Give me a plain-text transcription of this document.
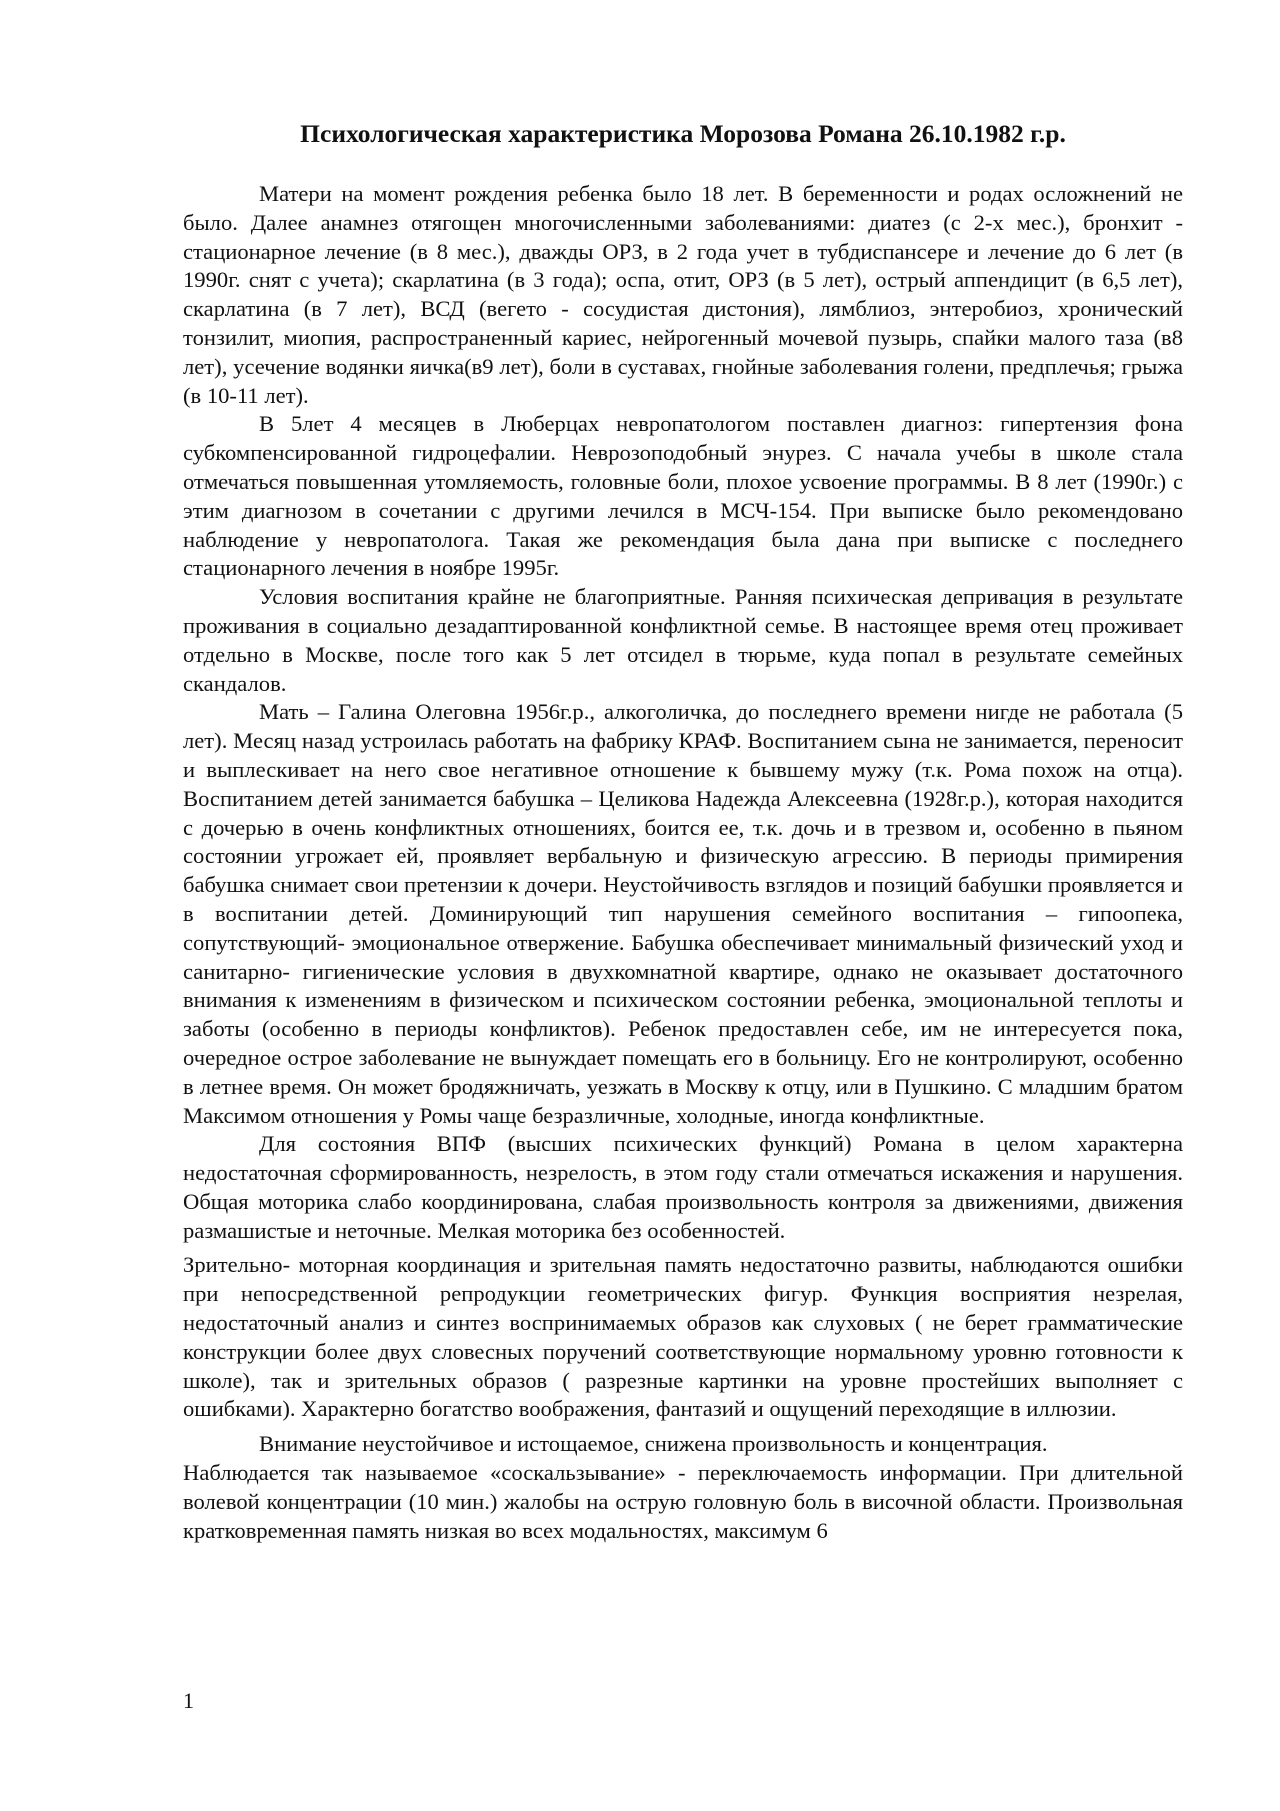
Психологическая характеристика Морозова Романа 26.10.1982 г.р.

Матери на момент рождения ребенка было 18 лет. В беременности и родах осложнений не было. Далее анамнез отягощен многочисленными заболеваниями: диатез (с 2-х мес.), бронхит - стационарное лечение (в 8 мес.), дважды ОРЗ, в 2 года учет в тубдиспансере и лечение до 6 лет (в 1990г. снят с учета); скарлатина (в 3 года); оспа, отит, ОРЗ (в 5 лет), острый аппендицит (в 6,5 лет), скарлатина (в 7 лет), ВСД (вегето - сосудистая дистония), лямблиоз, энтеробиоз, хронический тонзилит, миопия, распространенный кариес, нейрогенный мочевой пузырь, спайки малого таза (в8 лет), усечение водянки яичка(в9 лет), боли в суставах, гнойные заболевания голени, предплечья; грыжа (в 10-11 лет).

В 5лет 4 месяцев в Люберцах невропатологом поставлен диагноз: гипертензия фона субкомпенсированной гидроцефалии. Неврозоподобный энурез. С начала учебы в школе стала отмечаться повышенная утомляемость, головные боли, плохое усвоение программы. В 8 лет (1990г.) с этим диагнозом в сочетании с другими лечился в МСЧ-154. При выписке было рекомендовано наблюдение у невропатолога. Такая же рекомендация была дана при выписке с последнего стационарного лечения в ноябре 1995г.

Условия воспитания крайне не благоприятные. Ранняя психическая депривация в результате проживания в социально дезадаптированной конфликтной семье. В настоящее время отец проживает отдельно в Москве, после того как 5 лет отсидел в тюрьме, куда попал в результате семейных скандалов.

Мать – Галина Олеговна 1956г.р., алкоголичка, до последнего времени нигде не работала (5 лет). Месяц назад устроилась работать на фабрику КРАФ. Воспитанием сына не занимается, переносит и выплескивает на него свое негативное отношение к бывшему мужу (т.к. Рома похож на отца). Воспитанием детей занимается бабушка – Целикова Надежда Алексеевна (1928г.р.), которая находится с дочерью в очень конфликтных отношениях, боится ее, т.к. дочь и в трезвом и, особенно в пьяном состоянии угрожает ей, проявляет вербальную и физическую агрессию. В периоды примирения бабушка снимает свои претензии к дочери. Неустойчивость взглядов и позиций бабушки проявляется и в воспитании детей. Доминирующий тип нарушения семейного воспитания – гипоопека, сопутствующий- эмоциональное отвержение. Бабушка обеспечивает минимальный физический уход и санитарно- гигиенические условия в двухкомнатной квартире, однако не оказывает достаточного внимания к изменениям в физическом и психическом состоянии ребенка, эмоциональной теплоты и заботы (особенно в периоды конфликтов). Ребенок предоставлен себе, им не интересуется пока, очередное острое заболевание не вынуждает помещать его в больницу. Его не контролируют, особенно в летнее время. Он может бродяжничать, уезжать в Москву к отцу, или в Пушкино. С младшим братом Максимом отношения у Ромы чаще безразличные, холодные, иногда конфликтные.

Для состояния ВПФ (высших психических функций) Романа в целом характерна недостаточная сформированность, незрелость, в этом году стали отмечаться искажения и нарушения. Общая моторика слабо координирована, слабая произвольность контроля за движениями, движения размашистые и неточные. Мелкая моторика без особенностей.

Зрительно- моторная координация и зрительная память недостаточно развиты, наблюдаются ошибки при непосредственной репродукции геометрических фигур. Функция восприятия незрелая, недостаточный анализ и синтез воспринимаемых образов как слуховых ( не берет грамматические конструкции более двух словесных поручений соответствующие нормальному уровню готовности к школе), так и зрительных образов ( разрезные картинки на уровне простейших выполняет с ошибками). Характерно богатство воображения, фантазий и ощущений переходящие в иллюзии.

Внимание неустойчивое и истощаемое, снижена произвольность и концентрация.

Наблюдается так называемое «соскальзывание» - переключаемость информации. При длительной волевой концентрации (10 мин.) жалобы на острую головную боль в височной области. Произвольная кратковременная память низкая во всех модальностях, максимум 6

1
